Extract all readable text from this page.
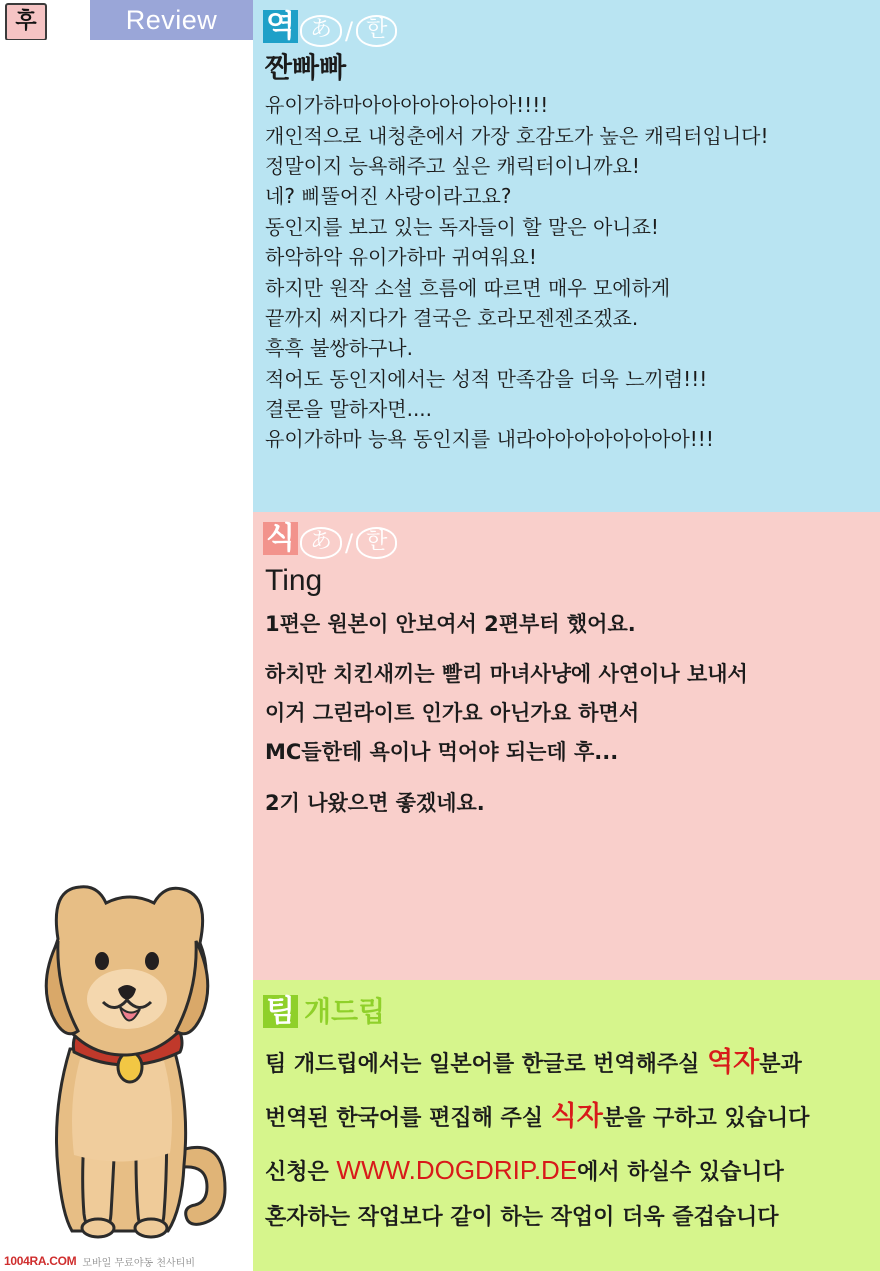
후	Review
1004RA.COM 모바일 무료야동 천사티비
역 あ / 한
짠빠빠
유이가하마아아아아아아아아!!!!
개인적으로 내청춘에서 가장 호감도가 높은 캐릭터입니다!
정말이지 능욕해주고 싶은 캐릭터이니까요!
네? 삐뚤어진 사랑이라고요?
동인지를 보고 있는 독자들이 할 말은 아니죠!
하악하악 유이가하마 귀여워요!
하지만 원작 소설 흐름에 따르면 매우 모에하게
끝까지 써지다가 결국은 호라모젠젠조겠죠.
흑흑 불쌍하구나.
적어도 동인지에서는 성적 만족감을 더욱 느끼렴!!!
결론을 말하자면....
유이가하마 능욕 동인지를 내라아아아아아아아아!!!
식 あ / 한
Ting
1편은 원본이 안보여서 2편부터 했어요.
하치만 치킨새끼는 빨리 마녀사냥에 사연이나 보내서
이거 그린라이트 인가요 아닌가요 하면서
MC들한테 욕이나 먹어야 되는데 후...
2기 나왔으면 좋겠네요.
팀 개드립
팀 개드립에서는 일본어를 한글로 번역해주실 역자분과
번역된 한국어를 편집해 주실 식자분을 구하고 있습니다
신청은 WWW.DOGDRIP.DE에서 하실수 있습니다
혼자하는 작업보다 같이 하는 작업이 더욱 즐겁습니다
